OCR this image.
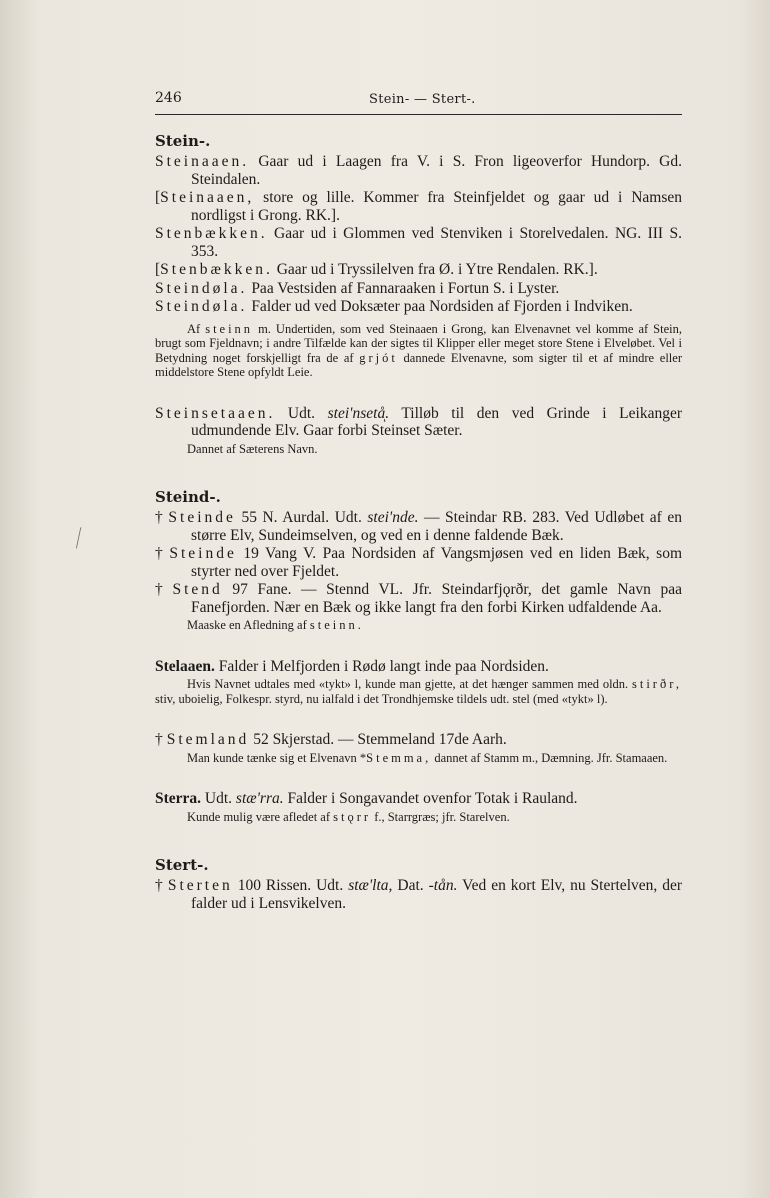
246	Stein- — Stert-.
Stein-.

Steinaaen. Gaar ud i Laagen fra V. i S. Fron ligeoverfor Hundorp. Gd. Steindalen.

[Steinaaen, store og lille. Kommer fra Steinfjeldet og gaar ud i Namsen nordligst i Grong. RK.].

Stenbækken. Gaar ud i Glommen ved Stenviken i Storelvedalen. NG. III S. 353.

[Stenbækken. Gaar ud i Tryssilelven fra Ø. i Ytre Rendalen. RK.].

Steindøla. Paa Vestsiden af Fannaraaken i Fortun S. i Lyster.

Steindøla. Falder ud ved Doksæter paa Nordsiden af Fjorden i Indviken.

Af steinn m. Undertiden, som ved Steinaaen i Grong, kan Elvenavnet vel komme af Stein, brugt som Fjeldnavn; i andre Tilfælde kan der sigtes til Klipper eller meget store Stene i Elveløbet. Vel i Betydning noget forskjelligt fra de af grjót dannede Elvenavne, som sigter til et af mindre eller middelstore Stene opfyldt Leie.

Steinsetaaen. Udt. stei'nsetåͅ. Tilløb til den ved Grinde i Leikanger udmundende Elv. Gaar forbi Steinset Sæter.

Dannet af Sæterens Navn.

Steind-.

† Steinde 55 N. Aurdal. Udt. stei'nde. — Steindar RB. 283. Ved Udløbet af en større Elv, Sundeimselven, og ved en i denne faldende Bæk.

† Steinde 19 Vang V. Paa Nordsiden af Vangsmjøsen ved en liden Bæk, som styrter ned over Fjeldet.

† Stend 97 Fane. — Stennd VL. Jfr. Steindarfjǫrðr, det gamle Navn paa Fanefjorden. Nær en Bæk og ikke langt fra den forbi Kirken udfaldende Aa.

Maaske en Afledning af steinn.

Stelaaen. Falder i Melfjorden i Rødø langt inde paa Nordsiden.

Hvis Navnet udtales med «tykt» l, kunde man gjette, at det hænger sammen med oldn. stirðr, stiv, uboielig, Folkespr. styrd, nu ialfald i det Trondhjemske tildels udt. stel (med «tykt» l).

† Stemland 52 Skjerstad. — Stemmeland 17de Aarh.

Man kunde tænke sig et Elvenavn *Stemma, dannet af Stamm m., Dæmning. Jfr. Stamaaen.

Sterra. Udt. stæ'rra. Falder i Songavandet ovenfor Totak i Rauland.

Kunde mulig være afledet af stǫrr f., Starrgræs; jfr. Starelven.

Stert-.

† Sterten 100 Rissen. Udt. stæ'lta, Dat. -tån. Ved en kort Elv, nu Stertelven, der falder ud i Lensvikelven.
